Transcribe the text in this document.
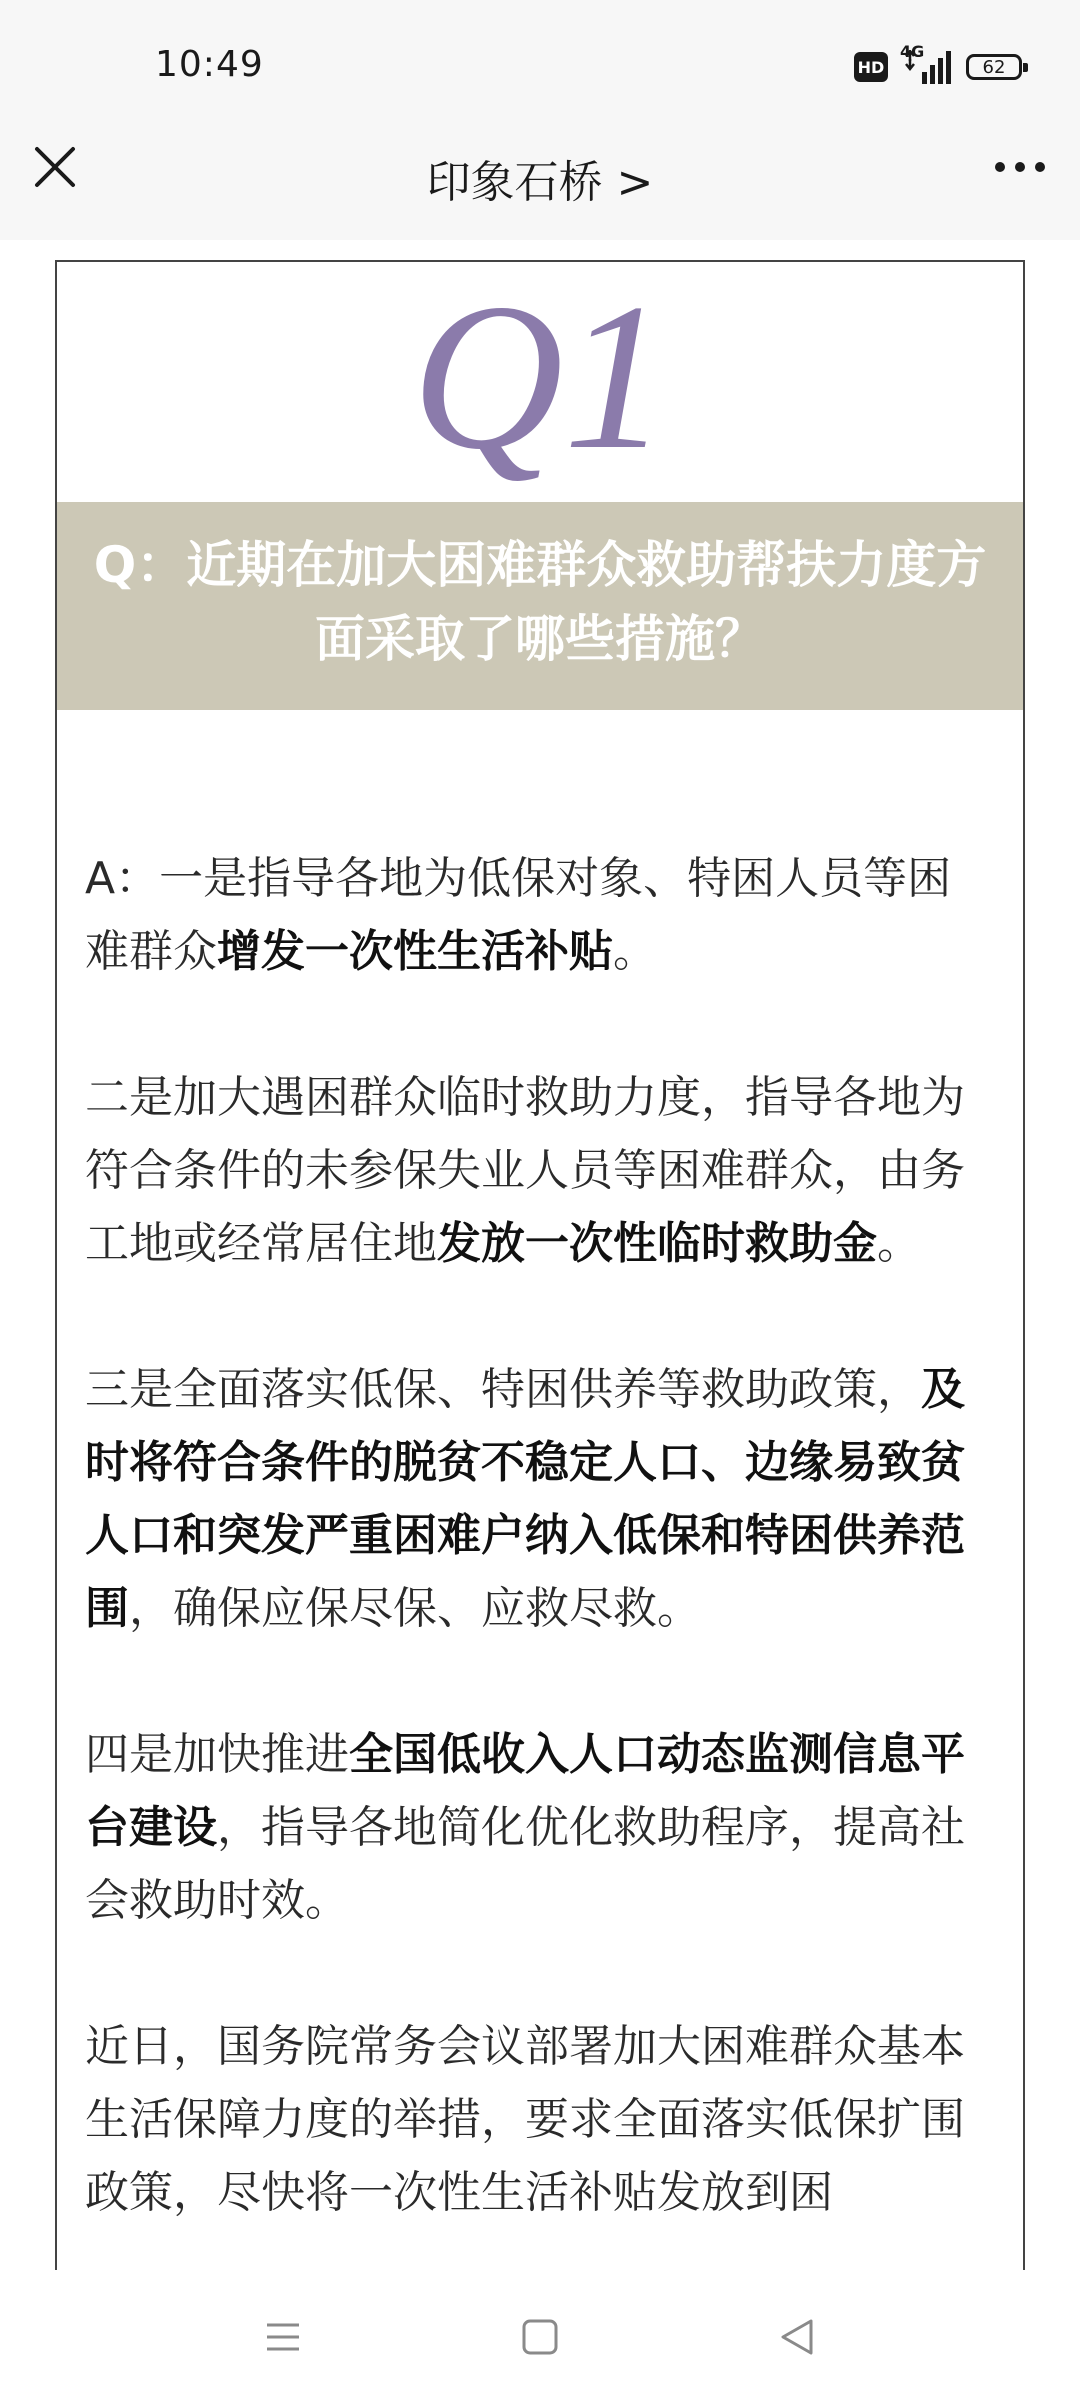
10:49	HD
4G
62
印象石桥 >
Q1
Q：近期在加大困难群众救助帮扶力度方面采取了哪些措施？

A：一是指导各地为低保对象、特困人员等困难群众增发一次性生活补贴。

二是加大遇困群众临时救助力度，指导各地为符合条件的未参保失业人员等困难群众，由务工地或经常居住地发放一次性临时救助金。

三是全面落实低保、特困供养等救助政策，及时将符合条件的脱贫不稳定人口、边缘易致贫人口和突发严重困难户纳入低保和特困供养范围，确保应保尽保、应救尽救。

四是加快推进全国低收入人口动态监测信息平台建设，指导各地简化优化救助程序，提高社会救助时效。

近日，国务院常务会议部署加大困难群众基本生活保障力度的举措，要求全面落实低保扩围政策，尽快将一次性生活补贴发放到困
